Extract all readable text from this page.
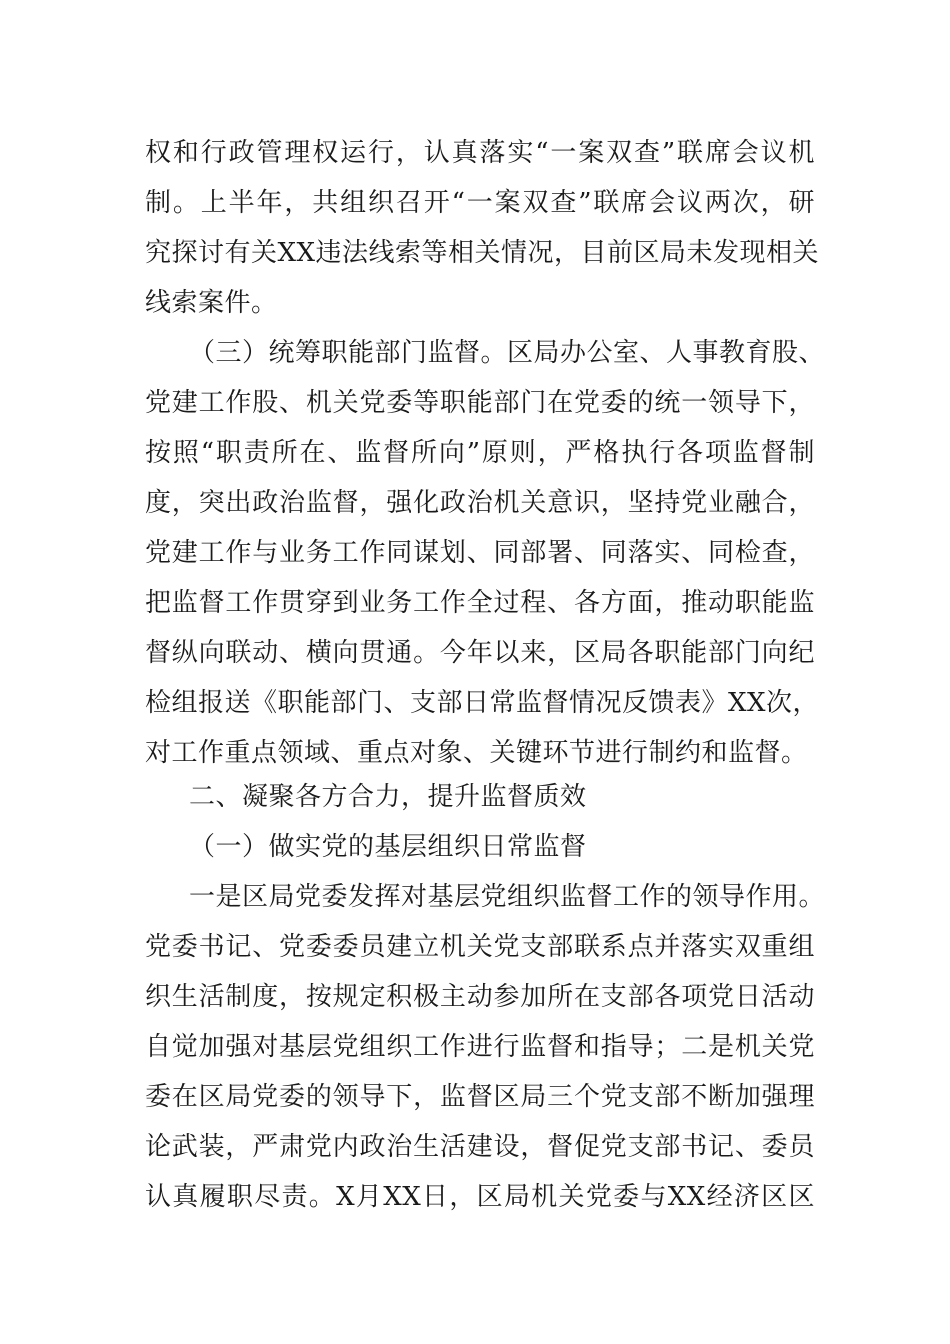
权和行政管理权运行，认真落实“一案双查”联席会议机
制。上半年，共组织召开“一案双查”联席会议两次，研
究探讨有关XX违法线索等相关情况，目前区局未发现相关
线索案件。
（三）统筹职能部门监督。区局办公室、人事教育股、
党建工作股、机关党委等职能部门在党委的统一领导下，
按照“职责所在、监督所向”原则，严格执行各项监督制
度，突出政治监督，强化政治机关意识，坚持党业融合，
党建工作与业务工作同谋划、同部署、同落实、同检查，
把监督工作贯穿到业务工作全过程、各方面，推动职能监
督纵向联动、横向贯通。今年以来，区局各职能部门向纪
检组报送《职能部门、支部日常监督情况反馈表》XX次，
对工作重点领域、重点对象、关键环节进行制约和监督。
二、凝聚各方合力，提升监督质效
（一）做实党的基层组织日常监督
一是区局党委发挥对基层党组织监督工作的领导作用。
党委书记、党委委员建立机关党支部联系点并落实双重组
织生活制度，按规定积极主动参加所在支部各项党日活动
自觉加强对基层党组织工作进行监督和指导；二是机关党
委在区局党委的领导下，监督区局三个党支部不断加强理
论武装，严肃党内政治生活建设，督促党支部书记、委员
认真履职尽责。X月XX日，区局机关党委与XX经济区区
